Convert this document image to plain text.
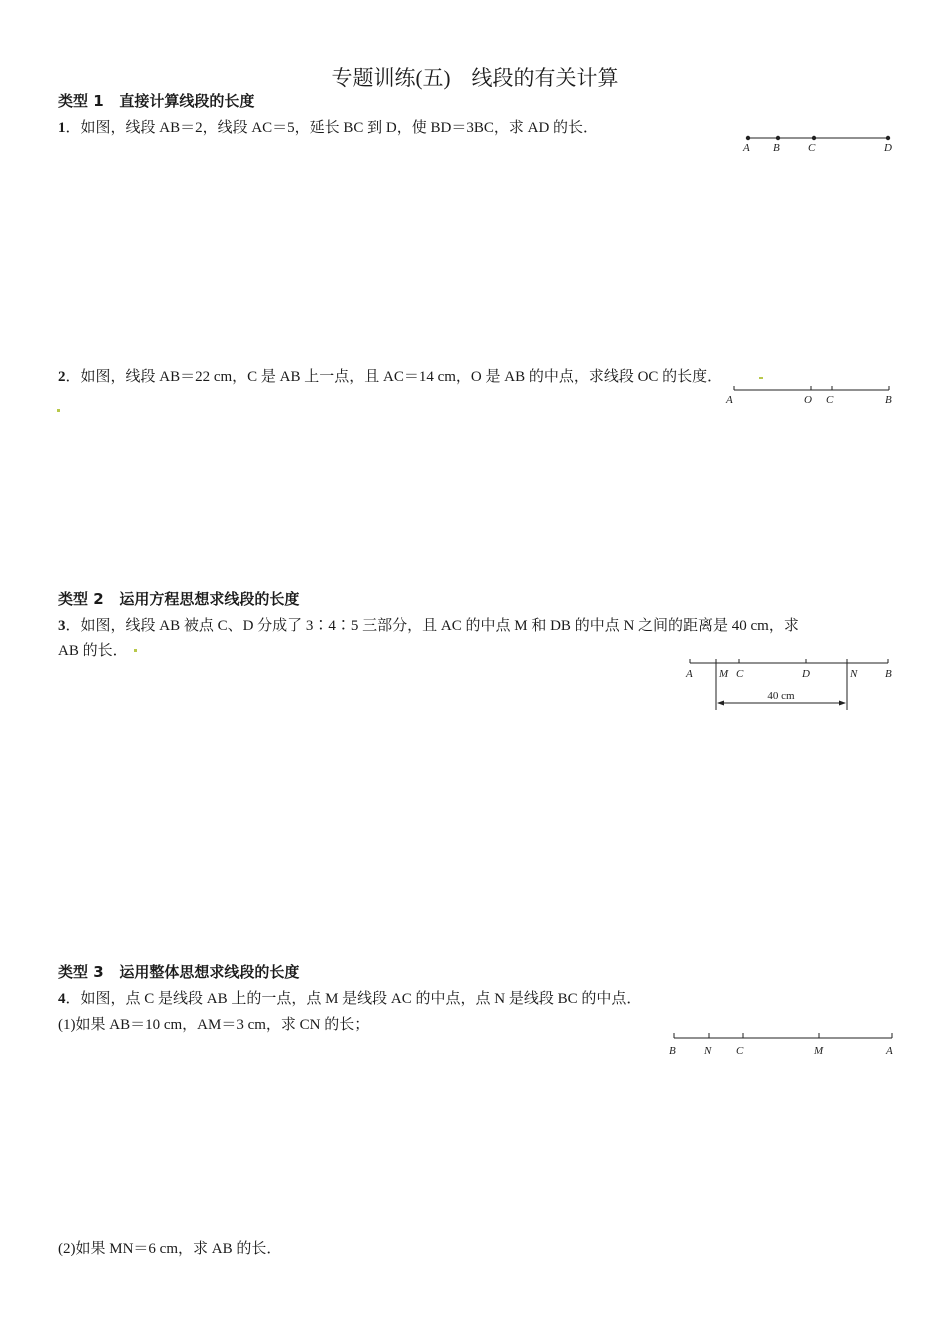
专题训练(五)　线段的有关计算
类型 1 直接计算线段的长度
1．如图，线段 AB＝2，线段 AC＝5，延长 BC 到 D，使 BD＝3BC，求 AD 的长．
A B	C	D
2．如图，线段 AB＝22 cm，C 是 AB 上一点，且 AC＝14 cm，O 是 AB 的中点，求线段 OC 的长度．
A	O C	B
类型 2 运用方程思想求线段的长度
3．如图，线段 AB 被点 C、D 分成了 3∶4∶5 三部分，且 AC 的中点 M 和 DB 的中点 N 之间的距离是 40 cm，求
AB 的长．
A M C	D	N	B
40 cm
类型 3 运用整体思想求线段的长度
4．如图，点 C 是线段 AB 上的一点，点 M 是线段 AC 的中点，点 N 是线段 BC 的中点．
(1)如果 AB＝10 cm，AM＝3 cm，求 CN 的长；
B	N C	M	A
(2)如果 MN＝6 cm，求 AB 的长．
